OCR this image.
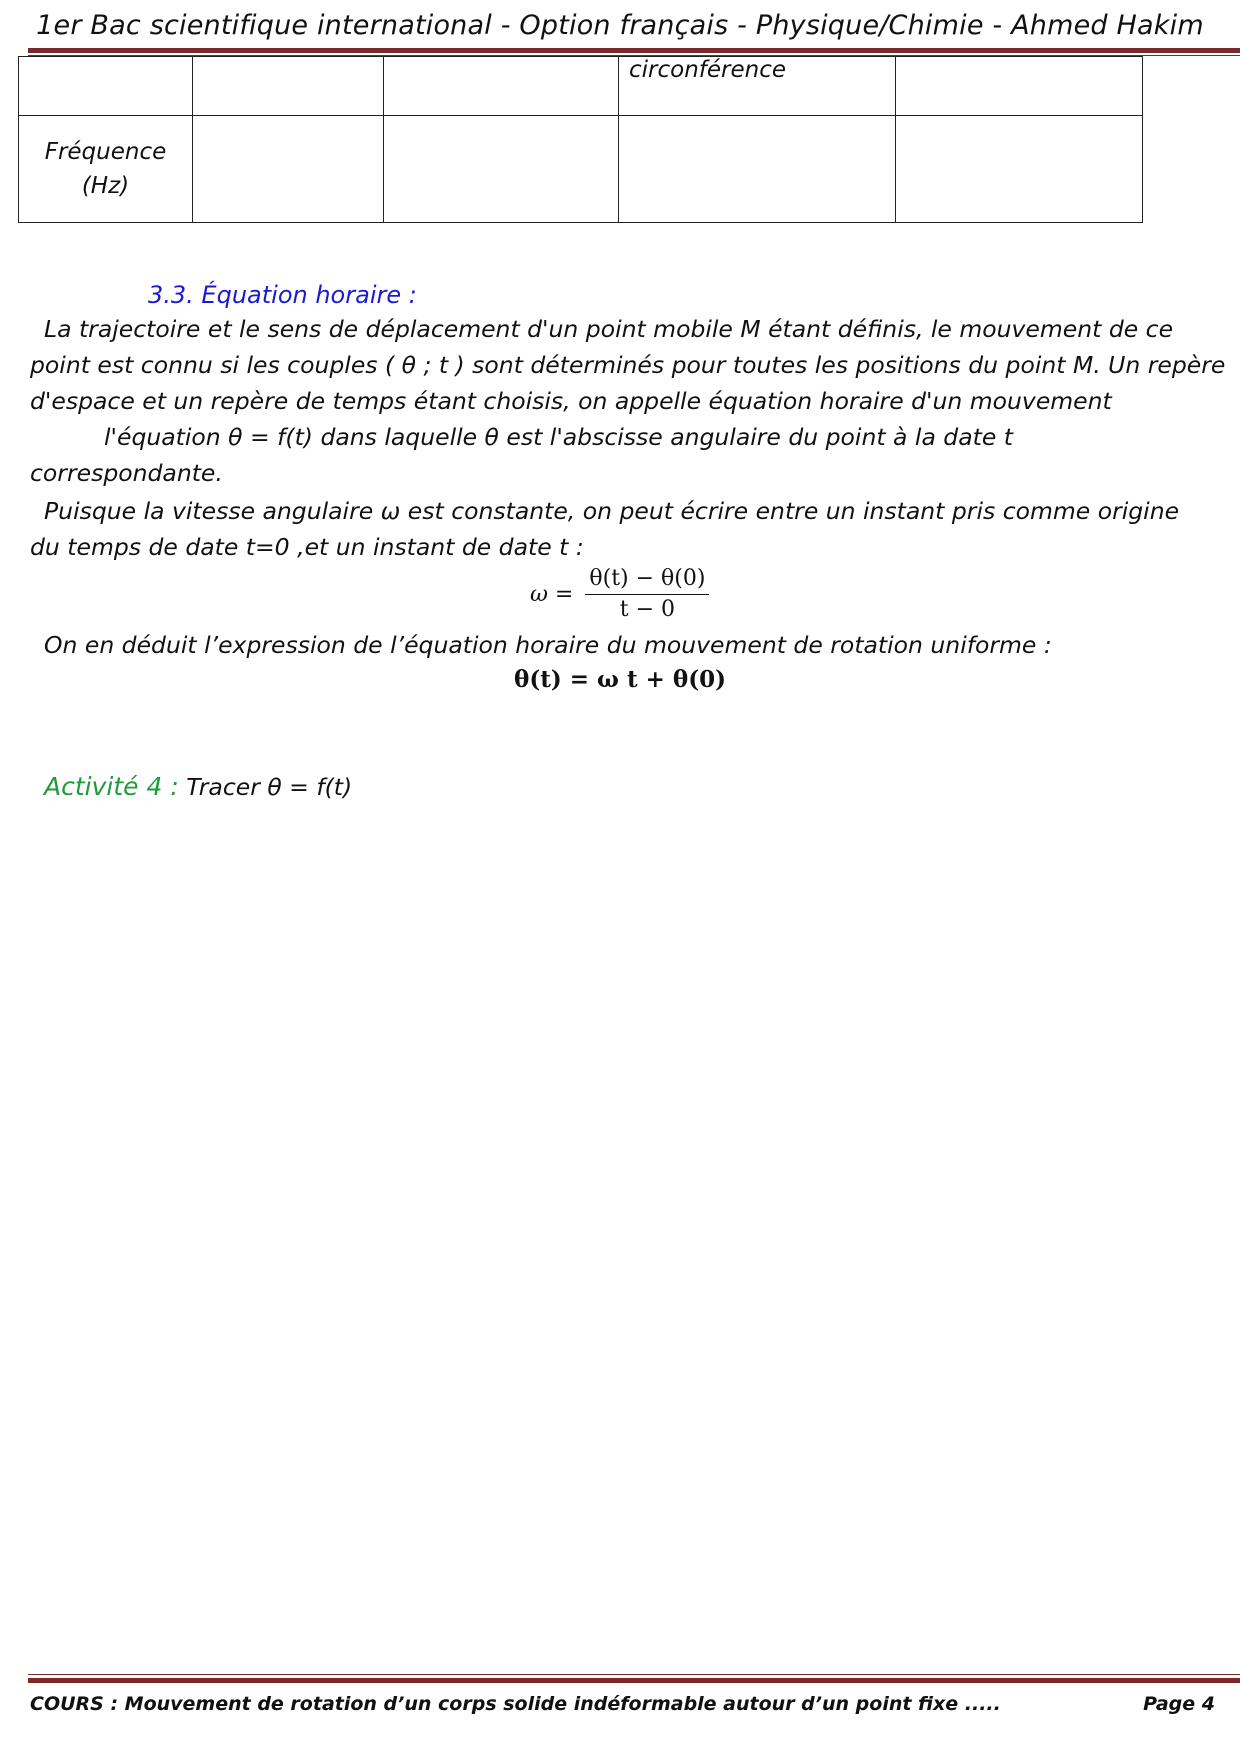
1er Bac scientifique international - Option français - Physique/Chimie - Ahmed Hakim
			circonférence	

Fréquence
(Hz)				

3.3. Équation horaire :
La trajectoire et le sens de déplacement d'un point mobile M étant définis, le mouvement de ce
point est connu si les couples ( θ ; t ) sont déterminés pour toutes les positions du point M. Un repère
d'espace et un repère de temps étant choisis, on appelle équation horaire d'un mouvement
l'équation θ = f(t) dans laquelle θ est l'abscisse angulaire du point à la date t
correspondante.
Puisque la vitesse angulaire ω est constante, on peut écrire entre un instant pris comme origine
du temps de date t=0 ,et un instant de date t :
$\omega = \frac{\theta(t) - \theta(0)}{t - 0}$
On en déduit l’expression de l’équation horaire du mouvement de rotation uniforme :
θ(t) = ω t + θ(0)
Activité 4 : Tracer θ = f(t)
COURS : Mouvement de rotation d’un corps solide indéformable autour d’un point fixe .....	Page 4
